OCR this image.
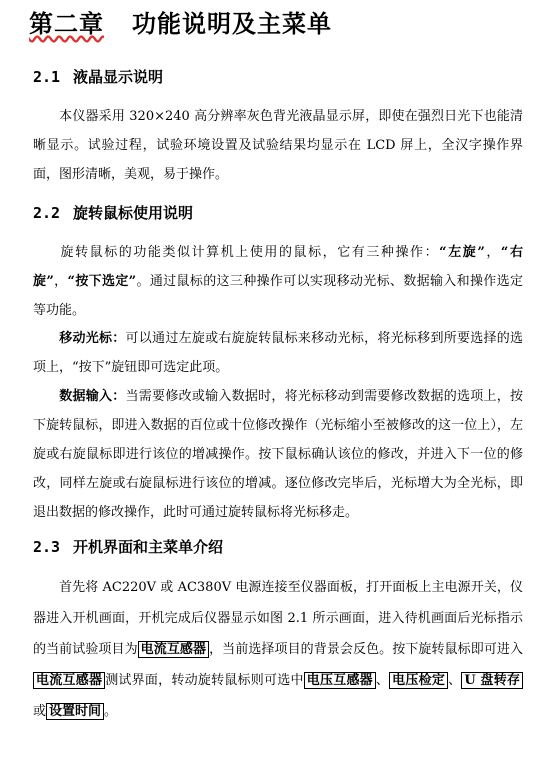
第二章 功能说明及主菜单
2.1 液晶显示说明
本仪器采用 320×240 高分辨率灰色背光液晶显示屏，即使在强烈日光下也能清晰显示。试验过程，试验环境设置及试验结果均显示在 LCD 屏上，全汉字操作界面，图形清晰，美观，易于操作。
2.2 旋转鼠标使用说明
旋转鼠标的功能类似计算机上使用的鼠标，它有三种操作：“左旋”，“右旋”，“按下选定”。通过鼠标的这三种操作可以实现移动光标、数据输入和操作选定等功能。
移动光标：可以通过左旋或右旋旋转鼠标来移动光标，将光标移到所要选择的选项上，“按下”旋钮即可选定此项。
数据输入：当需要修改或输入数据时，将光标移动到需要修改数据的选项上，按下旋转鼠标，即进入数据的百位或十位修改操作（光标缩小至被修改的这一位上），左旋或右旋鼠标即进行该位的增减操作。按下鼠标确认该位的修改，并进入下一位的修改，同样左旋或右旋鼠标进行该位的增减。逐位修改完毕后，光标增大为全光标，即退出数据的修改操作，此时可通过旋转鼠标将光标移走。
2.3 开机界面和主菜单介绍
首先将 AC220V 或 AC380V 电源连接至仪器面板，打开面板上主电源开关，仪器进入开机画面，开机完成后仪器显示如图 2.1 所示画面，进入待机画面后光标指示的当前试验项目为 电流互感器 ，当前选择项目的背景会反色。按下旋转鼠标即可进入电流互感器 测试界面，转动旋转鼠标则可选中 电压互感器 、 电压检定 、 U 盘转存或 设置时间 。
